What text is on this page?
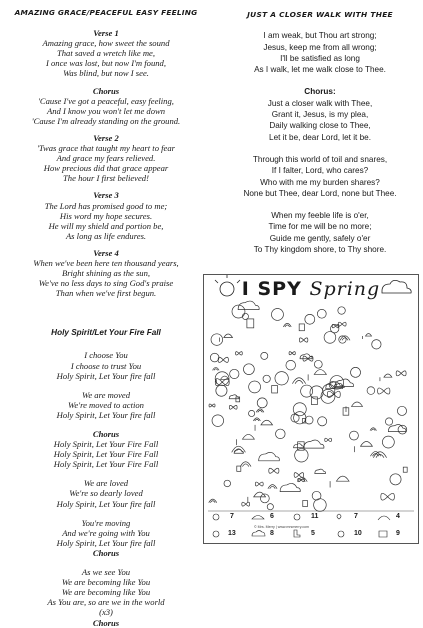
AMAZING GRACE/PEACEFUL EASY FEELING
Verse 1
Amazing grace, how sweet the sound
That saved a wretch like me,
I once was lost, but now I'm found,
Was blind, but now I see.
Chorus
'Cause I've got a peaceful, easy feeling,
And I know you won't let me down
'Cause I'm already standing on the ground.
Verse 2
'Twas grace that taught my heart to fear
And grace my fears relieved.
How precious did that grace appear
The hour I first believed!
Verse 3
The Lord has promised good to me;
His word my hope secures.
He will my shield and portion be,
As long as life endures.
Verse 4
When we've been here ten thousand years,
Bright shining as the sun,
We've no less days to sing God's praise
Than when we've first begun.
Holy Spirit/Let Your Fire Fall
I choose You
I choose to trust You
Holy Spirit, Let Your fire fall
We are moved
We're moved to action
Holy Spirit, Let Your fire fall
Chorus
Holy Spirit, Let Your Fire Fall
Holy Spirit, Let Your Fire Fall
Holy Spirit, Let Your Fire Fall
We are loved
We're so dearly loved
Holy Spirit, Let Your fire fall
You're moving
And we're going with You
Holy Spirit, Let Your fire fall
Chorus
As we see You
We are becoming like You
We are becoming like You
As You are, so are we in the world
(x3)
Chorus
JUST A CLOSER WALK WITH THEE
I am weak, but Thou art strong;
Jesus, keep me from all wrong;
I'll be satisfied as long
As I walk, let me walk close to Thee.
Chorus:
Just a closer walk with Thee,
Grant it, Jesus, is my plea,
Daily walking close to Thee,
Let it be, dear Lord, let it be.
Through this world of toil and snares,
If I falter, Lord, who cares?
Who with me my burden shares?
None but Thee, dear Lord, none but Thee.
When my feeble life is o'er,
Time for me will be no more;
Guide me gently, safely o'er
To Thy kingdom shore, to Thy shore.
I SPY Spring
7	6	11	7	4
13	8	5	10	9
© Mrs. Merry | www.mrsmerry.com
